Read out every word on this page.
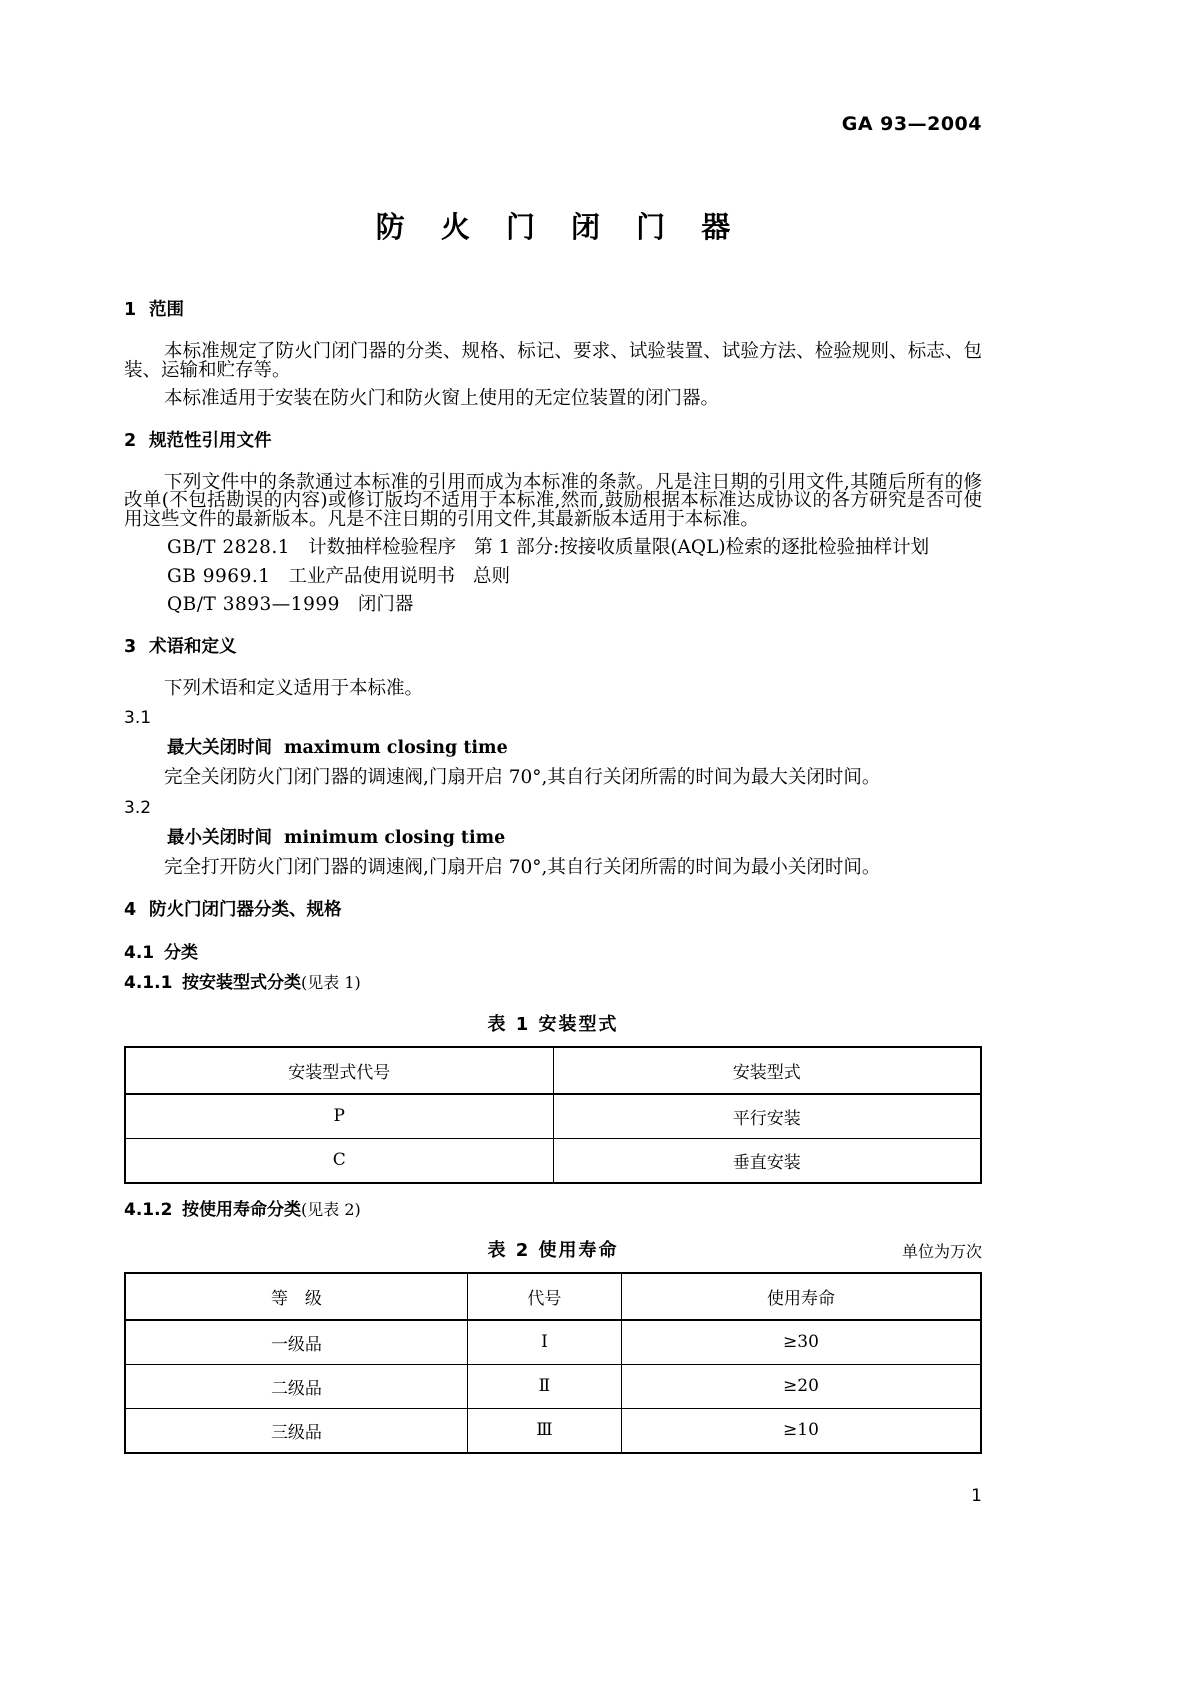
GA 93—2004
防 火 门 闭 门 器
1 范围

本标准规定了防火门闭门器的分类、规格、标记、要求、试验装置、试验方法、检验规则、标志、包装、运输和贮存等。

本标准适用于安装在防火门和防火窗上使用的无定位装置的闭门器。

2 规范性引用文件

下列文件中的条款通过本标准的引用而成为本标准的条款。凡是注日期的引用文件,其随后所有的修改单(不包括勘误的内容)或修订版均不适用于本标准,然而,鼓励根据本标准达成协议的各方研究是否可使用这些文件的最新版本。凡是不注日期的引用文件,其最新版本适用于本标准。

GB/T 2828.1 计数抽样检验程序 第 1 部分:按接收质量限(AQL)检索的逐批检验抽样计划

GB 9969.1 工业产品使用说明书 总则

QB/T 3893—1999 闭门器

3 术语和定义

下列术语和定义适用于本标准。

3.1

最大关闭时间 maximum closing time

完全关闭防火门闭门器的调速阀,门扇开启 70°,其自行关闭所需的时间为最大关闭时间。

3.2

最小关闭时间 minimum closing time

完全打开防火门闭门器的调速阀,门扇开启 70°,其自行关闭所需的时间为最小关闭时间。

4 防火门闭门器分类、规格
4.1 分类
4.1.1 按安装型式分类(见表 1)

表 1 安装型式

安装型式代号	安装型式
P	平行安装
C	垂直安装
4.1.2 按使用寿命分类(见表 2)

表 2 使用寿命	单位为万次

等　级	代号	使用寿命
一级品	Ⅰ	≥30
二级品	Ⅱ	≥20
三级品	Ⅲ	≥10
1
